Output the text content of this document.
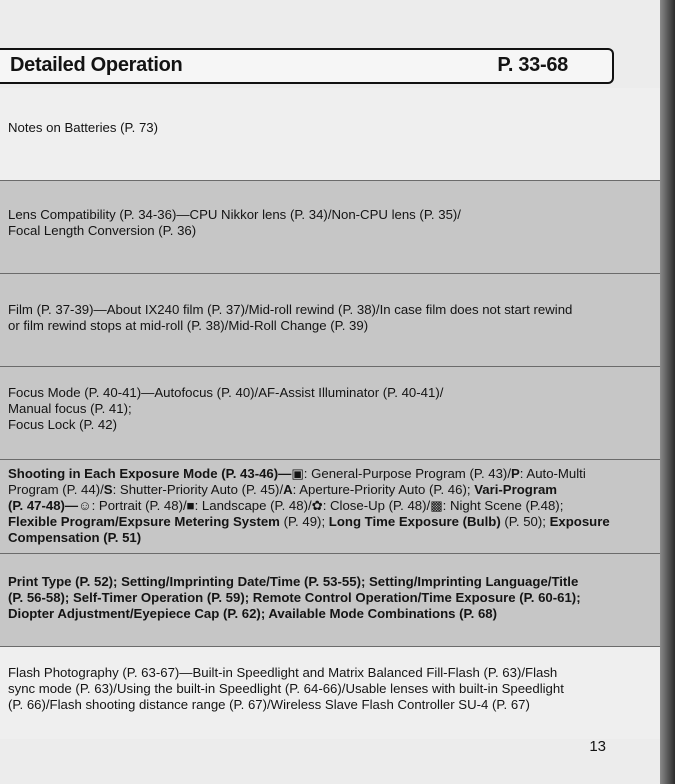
Detailed Operation	P. 33-68
Notes on Batteries (P. 73)
Lens Compatibility (P. 34-36)—CPU Nikkor lens (P. 34)/Non-CPU lens (P. 35)/
Focal Length Conversion (P. 36)
Film (P. 37-39)—About IX240 film (P. 37)/Mid-roll rewind (P. 38)/In case film does not start rewind
or film rewind stops at mid-roll (P. 38)/Mid-Roll Change (P. 39)
Focus Mode (P. 40-41)—Autofocus (P. 40)/AF-Assist Illuminator (P. 40-41)/
Manual focus (P. 41);
Focus Lock (P. 42)
Shooting in Each Exposure Mode (P. 43-46)—▣: General-Purpose Program (P. 43)/P: Auto-Multi
Program (P. 44)/S: Shutter-Priority Auto (P. 45)/A: Aperture-Priority Auto (P. 46); Vari-Program
(P. 47-48)—☺: Portrait (P. 48)/■: Landscape (P. 48)/✿: Close-Up (P. 48)/▩: Night Scene (P.48);
Flexible Program/Expsure Metering System (P. 49); Long Time Exposure (Bulb) (P. 50); Exposure
Compensation (P. 51)
Print Type (P. 52); Setting/Imprinting Date/Time (P. 53-55); Setting/Imprinting Language/Title
(P. 56-58); Self-Timer Operation (P. 59); Remote Control Operation/Time Exposure (P. 60-61);
Diopter Adjustment/Eyepiece Cap (P. 62); Available Mode Combinations (P. 68)
Flash Photography (P. 63-67)—Built-in Speedlight and Matrix Balanced Fill-Flash (P. 63)/Flash
sync mode (P. 63)/Using the built-in Speedlight (P. 64-66)/Usable lenses with built-in Speedlight
(P. 66)/Flash shooting distance range (P. 67)/Wireless Slave Flash Controller SU-4 (P. 67)
13
